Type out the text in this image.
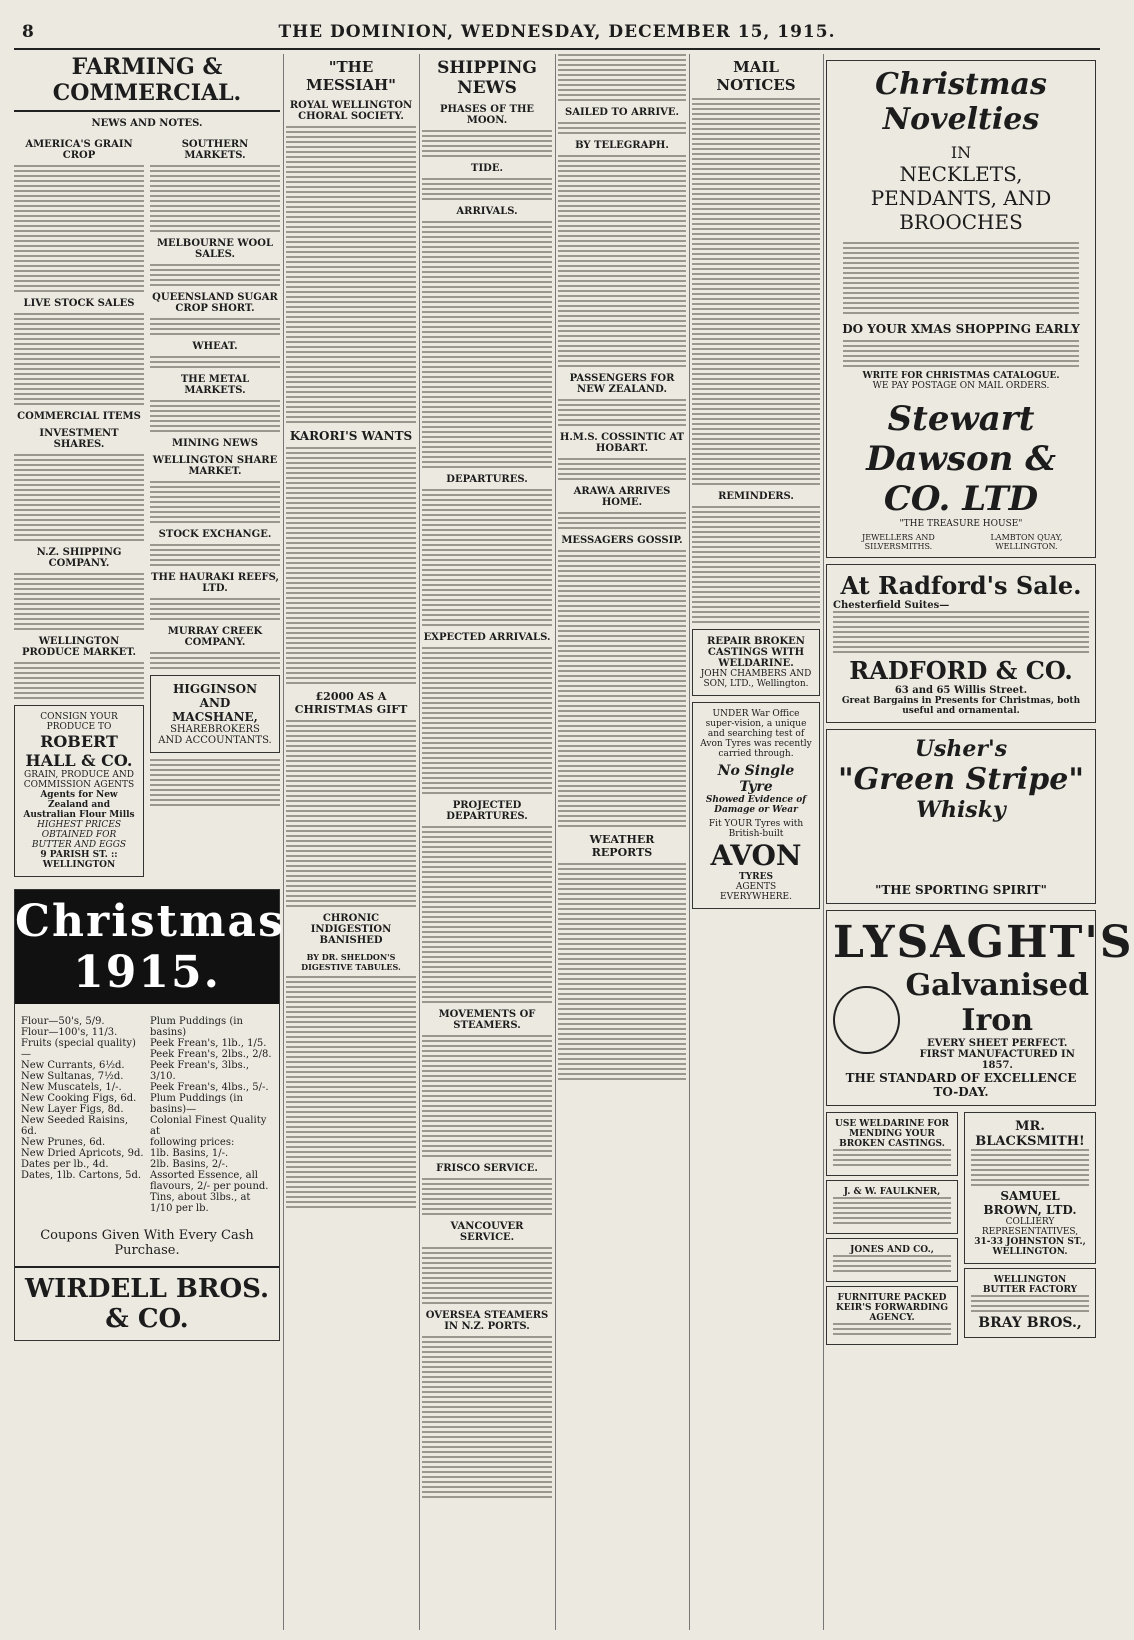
8	THE DOMINION, WEDNESDAY, DECEMBER 15, 1915.
FARMING & COMMERCIAL.
NEWS AND NOTES.
AMERICA'S GRAIN CROP
LIVE STOCK SALES
COMMERCIAL ITEMS
INVESTMENT SHARES.
N.Z. SHIPPING COMPANY.
WELLINGTON PRODUCE MARKET.
CONSIGN YOUR PRODUCE TO
ROBERT HALL & CO.
GRAIN, PRODUCE AND COMMISSION AGENTS
Agents for New Zealand and Australian Flour Mills
HIGHEST PRICES OBTAINED FOR BUTTER AND EGGS
9 PARISH ST. :: WELLINGTON
SOUTHERN MARKETS.
MELBOURNE WOOL SALES.
QUEENSLAND SUGAR CROP SHORT.
WHEAT.
THE METAL MARKETS.
MINING NEWS
WELLINGTON SHARE MARKET.
STOCK EXCHANGE.
THE HAURAKI REEFS, LTD.
MURRAY CREEK COMPANY.
HIGGINSON AND MACSHANE,
SHAREBROKERS AND ACCOUNTANTS.
Christmas 1915.
Flour—50's, 5/9.
Flour—100's, 11/3.
Fruits (special quality)—
New Currants, 6½d.
New Sultanas, 7½d.
New Muscatels, 1/-.
New Cooking Figs, 6d.
New Layer Figs, 8d.
New Seeded Raisins, 6d.
New Prunes, 6d.
New Dried Apricots, 9d.
Dates per lb., 4d.
Dates, 1lb. Cartons, 5d.
Plum Puddings (in basins)
Peek Frean's, 1lb., 1/5.
Peek Frean's, 2lbs., 2/8.
Peek Frean's, 3lbs., 3/10.
Peek Frean's, 4lbs., 5/-.
Plum Puddings (in basins)—
Colonial Finest Quality at
following prices:
1lb. Basins, 1/-.
2lb. Basins, 2/-.
Assorted Essence, all
flavours, 2/- per pound.
Tins, about 3lbs., at
1/10 per lb.
Coupons Given With Every Cash Purchase.
WIRDELL BROS. & CO.
"THE MESSIAH"
ROYAL WELLINGTON CHORAL SOCIETY.
KARORI'S WANTS
£2000 AS A CHRISTMAS GIFT
CHRONIC INDIGESTION BANISHED
BY DR. SHELDON'S DIGESTIVE TABULES.
SHIPPING NEWS
PHASES OF THE MOON.
TIDE.
ARRIVALS.
DEPARTURES.
EXPECTED ARRIVALS.
PROJECTED DEPARTURES.
MOVEMENTS OF STEAMERS.
FRISCO SERVICE.
VANCOUVER SERVICE.
OVERSEA STEAMERS IN N.Z. PORTS.
SAILED TO ARRIVE.
BY TELEGRAPH.
PASSENGERS FOR NEW ZEALAND.
H.M.S. COSSINTIC AT HOBART.
ARAWA ARRIVES HOME.
MESSAGERS GOSSIP.
WEATHER REPORTS
MAIL NOTICES
REMINDERS.
REPAIR BROKEN CASTINGS WITH WELDARINE.
JOHN CHAMBERS AND SON, LTD., Wellington.
UNDER War Office super-vision, a unique and searching test of Avon Tyres was recently carried through.
No Single Tyre
Showed Evidence of
Damage or Wear
Fit YOUR Tyres with British-built
AVON
TYRES
AGENTS EVERYWHERE.
Christmas Novelties
IN
NECKLETS,
PENDANTS, AND
BROOCHES
DO YOUR XMAS SHOPPING EARLY
WRITE FOR CHRISTMAS CATALOGUE.
WE PAY POSTAGE ON MAIL ORDERS.
Stewart Dawson & CO. LTD
"THE TREASURE HOUSE"
JEWELLERS AND SILVERSMITHS.
LAMBTON QUAY, WELLINGTON.
At Radford's Sale.
Chesterfield Suites—
RADFORD & CO.
63 and 65 Willis Street.
Great Bargains in Presents for Christmas, both useful and ornamental.
Usher's
"Green Stripe"
Whisky
"THE SPORTING SPIRIT"
LYSAGHT'S
Galvanised Iron
EVERY SHEET PERFECT.
FIRST MANUFACTURED IN 1857.
THE STANDARD OF EXCELLENCE TO-DAY.
USE WELDARINE FOR MENDING YOUR BROKEN CASTINGS.
J. & W. FAULKNER,
JONES AND CO.,
FURNITURE PACKED
KEIR'S FORWARDING AGENCY.
MR. BLACKSMITH!
SAMUEL BROWN, LTD.
COLLIERY REPRESENTATIVES,
31-33 JOHNSTON ST., WELLINGTON.
WELLINGTON BUTTER FACTORY
BRAY BROS.,
